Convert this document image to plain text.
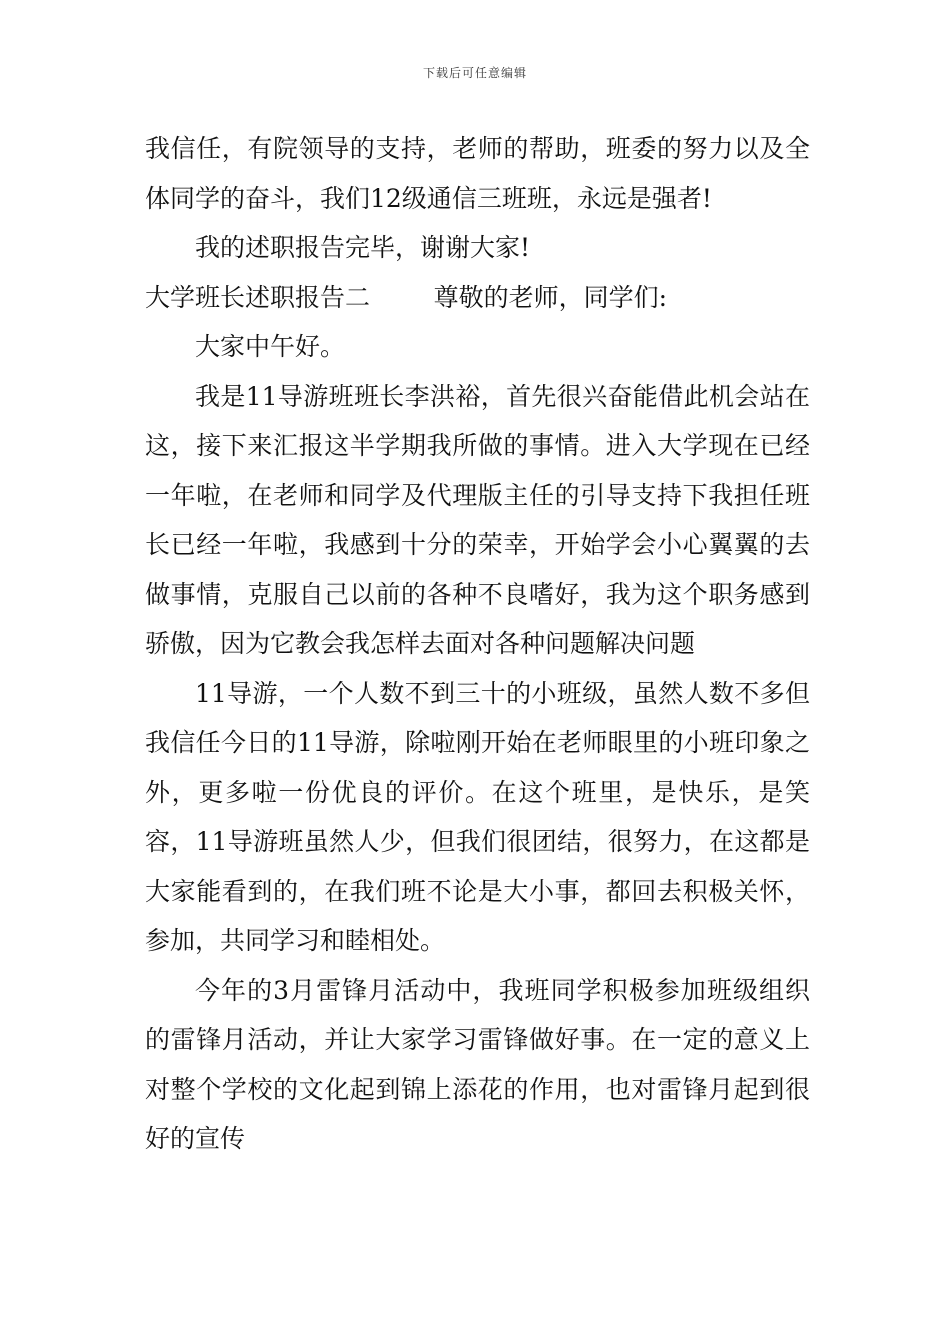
下载后可任意编辑

我信任，有院领导的支持，老师的帮助，班委的努力以及全体同学的奋斗，我们12级通信三班班，永远是强者!

我的述职报告完毕，谢谢大家!

大学班长述职报告二        尊敬的老师，同学们:

大家中午好。

我是11导游班班长李洪裕，首先很兴奋能借此机会站在这，接下来汇报这半学期我所做的事情。进入大学现在已经一年啦，在老师和同学及代理版主任的引导支持下我担任班长已经一年啦，我感到十分的荣幸，开始学会小心翼翼的去做事情，克服自己以前的各种不良嗜好，我为这个职务感到骄傲，因为它教会我怎样去面对各种问题解决问题

11导游，一个人数不到三十的小班级，虽然人数不多但我信任今日的11导游，除啦刚开始在老师眼里的小班印象之外，更多啦一份优良的评价。在这个班里，是快乐，是笑容，11导游班虽然人少，但我们很团结，很努力，在这都是大家能看到的，在我们班不论是大小事，都回去积极关怀，参加，共同学习和睦相处。

今年的3月雷锋月活动中，我班同学积极参加班级组织的雷锋月活动，并让大家学习雷锋做好事。在一定的意义上对整个学校的文化起到锦上添花的作用，也对雷锋月起到很好的宣传
